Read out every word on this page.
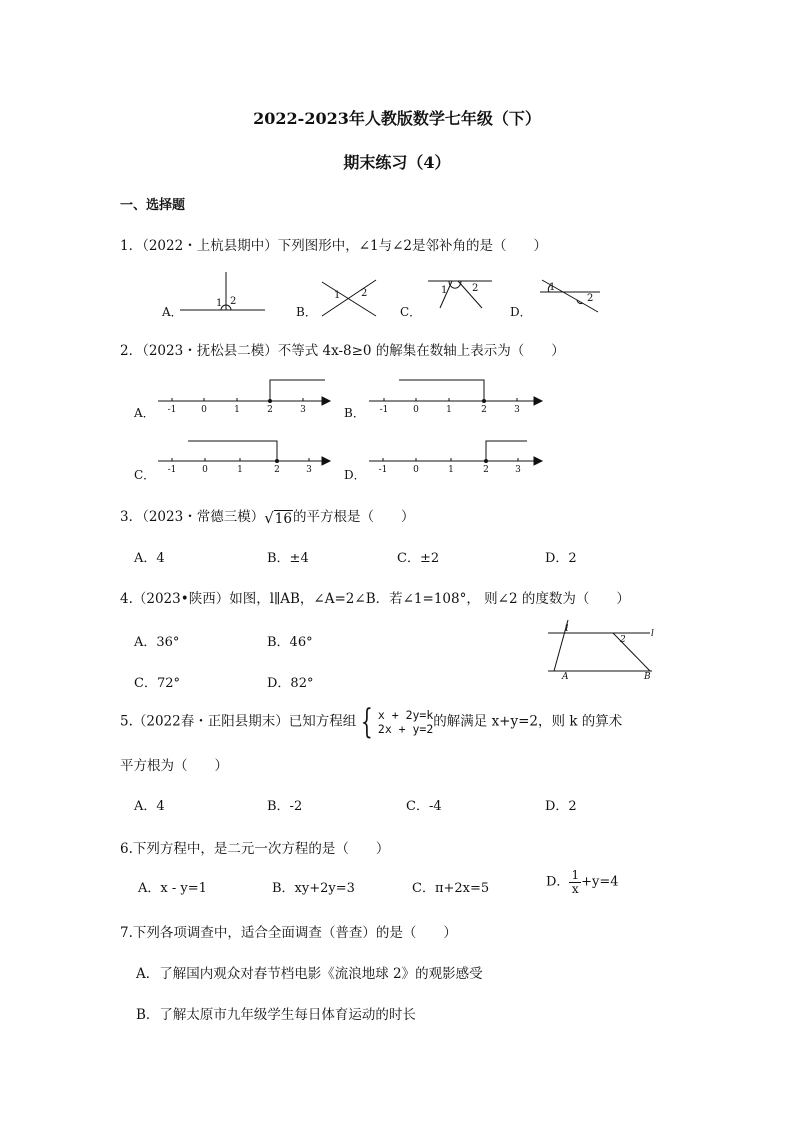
2022-2023年人教版数学七年级（下）
期末练习（4）
一、选择题
1．（2022・上杭县期中）下列图形中，∠1与∠2是邻补角的是（　　）
A．	B．	C．	D．
1 2
1 2	1 2	1
2
2．（2023・抚松县二模）不等式 4x-8≥0 的解集在数轴上表示为（　　）
A．	B．
C．	D．
-1	0	1	2	3	-1	0	1	2	3
-1	0	1	2	3	-1	0	1	2	3
3．（2023・常德三模）√16的平方根是（　　）
A．4	B．±4	C．±2	D．2
4.（2023•陕西）如图，l∥AB，∠A=2∠B．若∠1=108°， 则∠2 的度数为（　　）
A．36°	B．46°
C．72°	D．82°
l
1
2
A	B
5.（2022春・正阳县期末）已知方程组 { x + 2y=k
2x + y=2 的解满足 x+y=2，则 k 的算术
平方根为（　　）
A．4	B．-2	C．-4	D．2
6.下列方程中，是二元一次方程的是（　　）
A．x - y=1	B．xy+2y=3	C．π+2x=5	D． $\frac{1}{x} +y=4$
7.下列各项调查中，适合全面调查（普查）的是（　　）
A．了解国内观众对春节档电影《流浪地球 2》的观影感受
B．了解太原市九年级学生每日体育运动的时长
